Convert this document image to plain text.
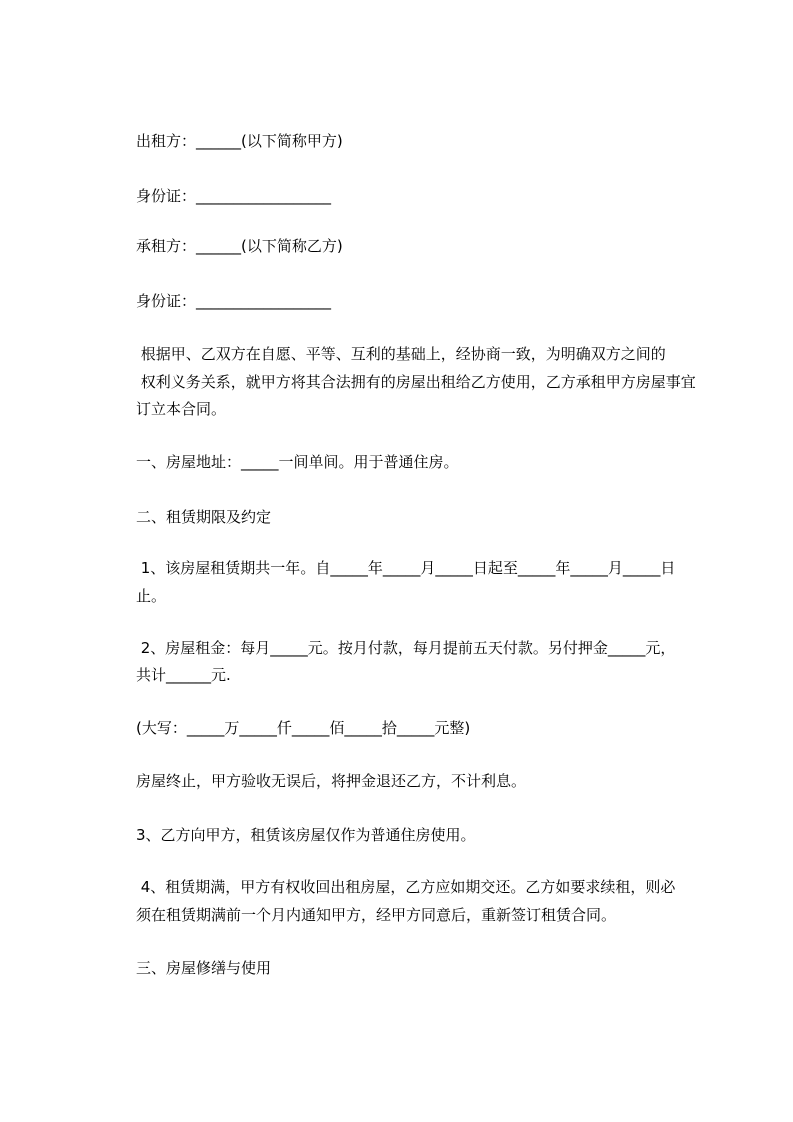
出租方：______(以下简称甲方)

身份证：__________________

承租方：______(以下简称乙方)

身份证：__________________

根据甲、乙双方在自愿、平等、互利的基础上，经协商一致，为明确双方之间的

权利义务关系，就甲方将其合法拥有的房屋出租给乙方使用，乙方承租甲方房屋事宜

订立本合同。

一、房屋地址：_____一间单间。用于普通住房。

二、租赁期限及约定

1、该房屋租赁期共一年。自_____年_____月_____日起至_____年_____月_____日

止。

2、房屋租金：每月_____元。按月付款，每月提前五天付款。另付押金_____元，

共计______元.

(大写：_____万_____仟_____佰_____拾_____元整)

房屋终止，甲方验收无误后，将押金退还乙方，不计利息。

3、乙方向甲方，租赁该房屋仅作为普通住房使用。

4、租赁期满，甲方有权收回出租房屋，乙方应如期交还。乙方如要求续租，则必

须在租赁期满前一个月内通知甲方，经甲方同意后，重新签订租赁合同。

三、房屋修缮与使用
